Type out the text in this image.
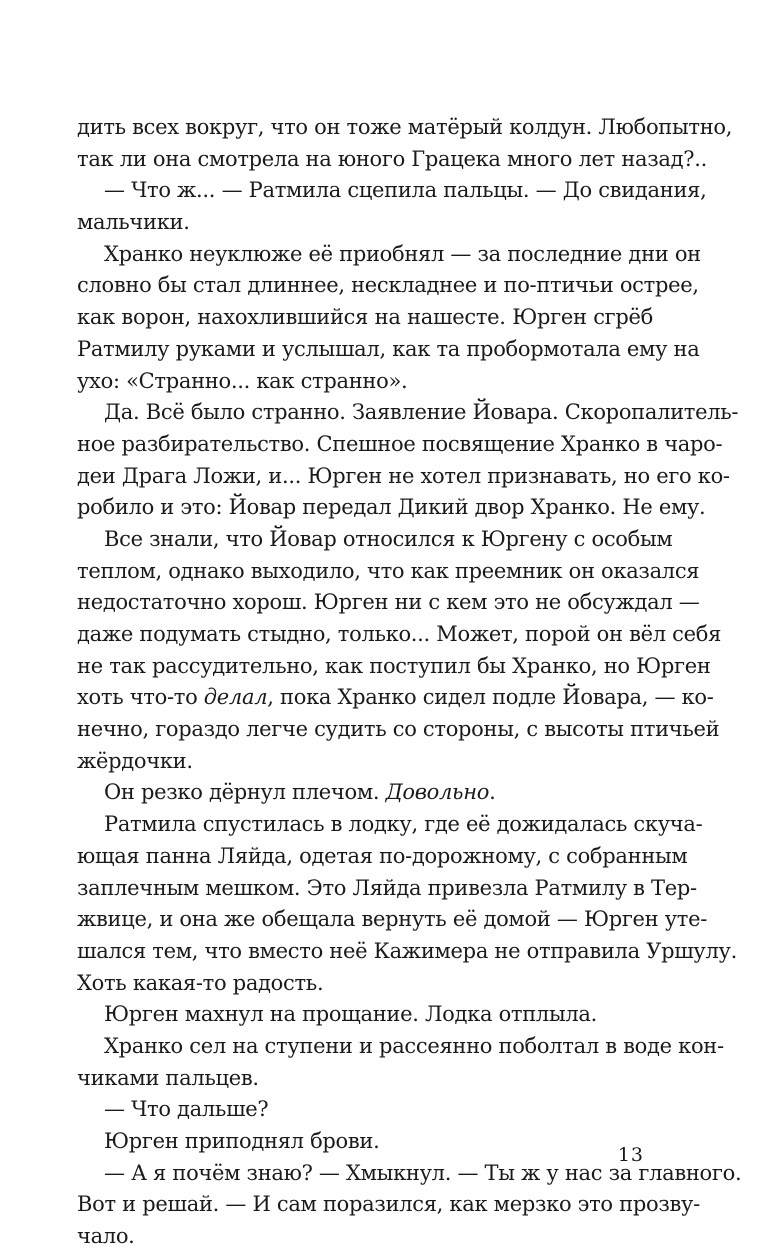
дить всех вокруг, что он тоже матёрый колдун. Любопытно,
так ли она смотрела на юного Грацека много лет назад?..
— Что ж... — Ратмила сцепила пальцы. — До свидания,
мальчики.
Хранко неуклюже её приобнял — за последние дни он
словно бы стал длиннее, нескладнее и по-птичьи острее,
как ворон, нахохлившийся на нашесте. Юрген сгрёб
Ратмилу руками и услышал, как та пробормотала ему на
ухо: «Странно... как странно».
Да. Всё было странно. Заявление Йовара. Скоропалитель-
ное разбирательство. Спешное посвящение Хранко в чаро-
деи Драга Ложи, и... Юрген не хотел признавать, но его ко-
робило и это: Йовар передал Дикий двор Хранко. Не ему.
Все знали, что Йовар относился к Юргену с особым
теплом, однако выходило, что как преемник он оказался
недостаточно хорош. Юрген ни с кем это не обсуждал —
даже подумать стыдно, только... Может, порой он вёл себя
не так рассудительно, как поступил бы Хранко, но Юрген
хоть что-то делал, пока Хранко сидел подле Йовара, — ко-
нечно, гораздо легче судить со стороны, с высоты птичьей
жёрдочки.
Он резко дёрнул плечом. Довольно.
Ратмила спустилась в лодку, где её дожидалась скуча-
ющая панна Ляйда, одетая по-дорожному, с собранным
заплечным мешком. Это Ляйда привезла Ратмилу в Тер-
жвице, и она же обещала вернуть её домой — Юрген уте-
шался тем, что вместо неё Кажимера не отправила Уршулу.
Хоть какая-то радость.
Юрген махнул на прощание. Лодка отплыла.
Хранко сел на ступени и рассеянно поболтал в воде кон-
чиками пальцев.
— Что дальше?
Юрген приподнял брови.
— А я почём знаю? — Хмыкнул. — Ты ж у нас за главного.
Вот и решай. — И сам поразился, как мерзко это прозву-
чало.
13
